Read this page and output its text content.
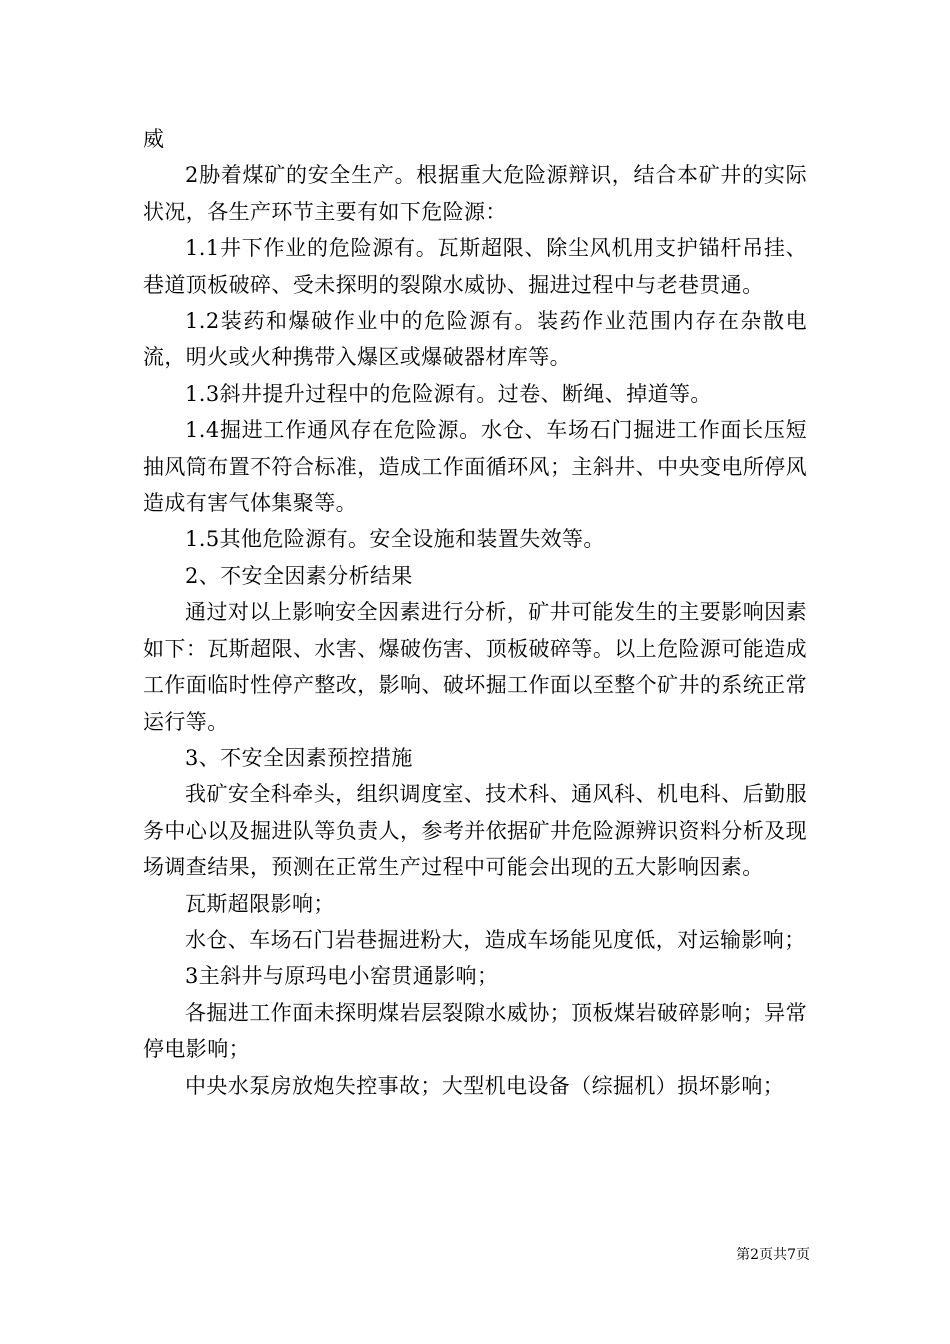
威

2胁着煤矿的安全生产。根据重大危险源辩识，结合本矿井的实际状况，各生产环节主要有如下危险源：

1.1井下作业的危险源有。瓦斯超限、除尘风机用支护锚杆吊挂、巷道顶板破碎、受未探明的裂隙水威协、掘进过程中与老巷贯通。

1.2装药和爆破作业中的危险源有。装药作业范围内存在杂散电流，明火或火种携带入爆区或爆破器材库等。

1.3斜井提升过程中的危险源有。过卷、断绳、掉道等。

1.4掘进工作通风存在危险源。水仓、车场石门掘进工作面长压短抽风筒布置不符合标准，造成工作面循环风；主斜井、中央变电所停风造成有害气体集聚等。

1.5其他危险源有。安全设施和装置失效等。

2、不安全因素分析结果

通过对以上影响安全因素进行分析，矿井可能发生的主要影响因素如下：瓦斯超限、水害、爆破伤害、顶板破碎等。以上危险源可能造成工作面临时性停产整改，影响、破坏掘工作面以至整个矿井的系统正常运行等。

3、不安全因素预控措施

我矿安全科牵头，组织调度室、技术科、通风科、机电科、后勤服务中心以及掘进队等负责人，参考并依据矿井危险源辨识资料分析及现场调查结果，预测在正常生产过程中可能会出现的五大影响因素。

瓦斯超限影响；

水仓、车场石门岩巷掘进粉大，造成车场能见度低，对运输影响；

3主斜井与原玛电小窑贯通影响；

各掘进工作面未探明煤岩层裂隙水威协；顶板煤岩破碎影响；异常停电影响；

中央水泵房放炮失控事故；大型机电设备（综掘机）损坏影响；

第2页共7页
